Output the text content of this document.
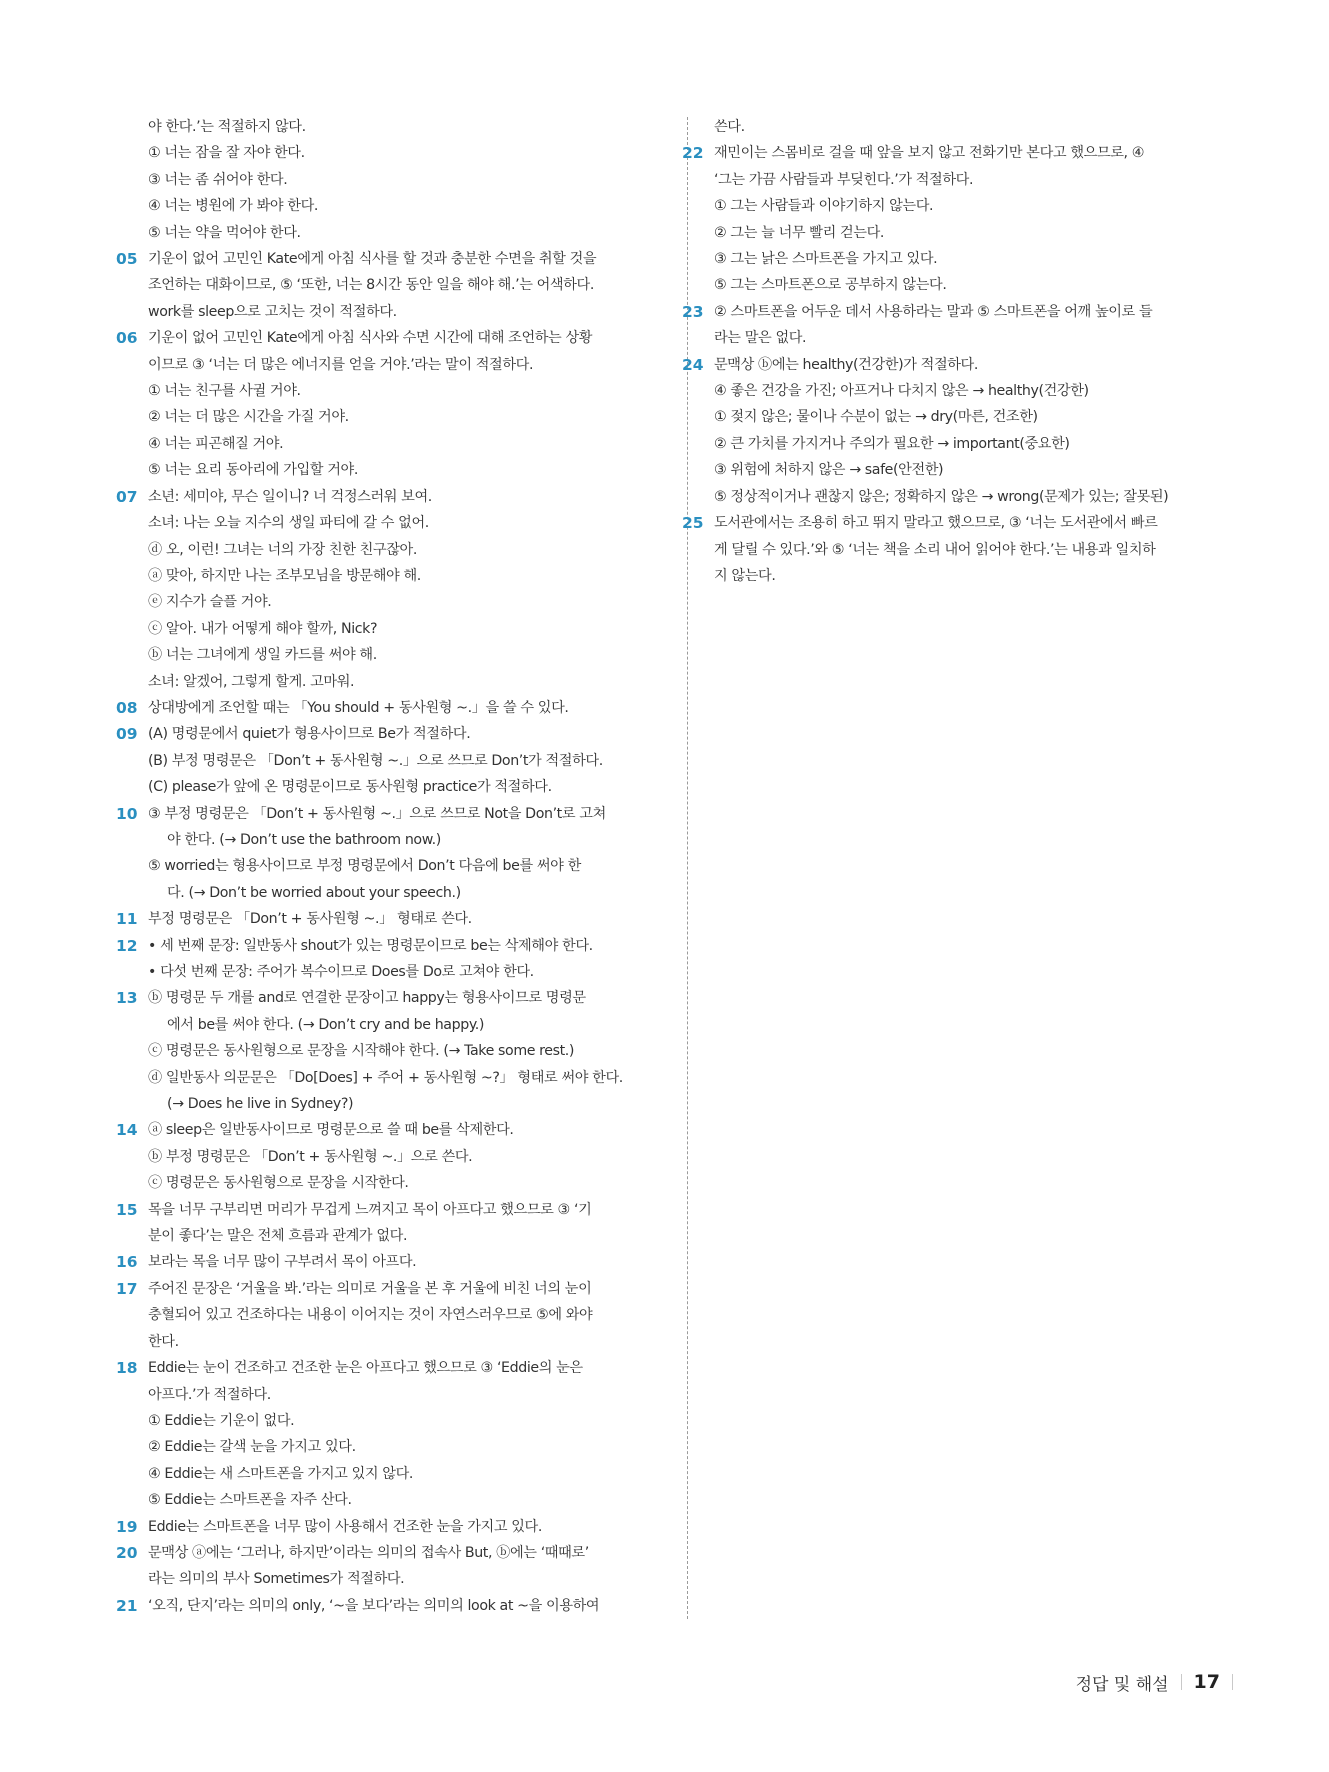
야 한다.’는 적절하지 않다.
① 너는 잠을 잘 자야 한다.
③ 너는 좀 쉬어야 한다.
④ 너는 병원에 가 봐야 한다.
⑤ 너는 약을 먹어야 한다.
05 기운이 없어 고민인 Kate에게 아침 식사를 할 것과 충분한 수면을 취할 것을
조언하는 대화이므로, ⑤ ‘또한, 너는 8시간 동안 일을 해야 해.’는 어색하다.
work를 sleep으로 고치는 것이 적절하다.
06 기운이 없어 고민인 Kate에게 아침 식사와 수면 시간에 대해 조언하는 상황
이므로 ③ ‘너는 더 많은 에너지를 얻을 거야.’라는 말이 적절하다.
① 너는 친구를 사귈 거야.
② 너는 더 많은 시간을 가질 거야.
④ 너는 피곤해질 거야.
⑤ 너는 요리 동아리에 가입할 거야.
07 소년: 세미야, 무슨 일이니? 너 걱정스러워 보여.
소녀: 나는 오늘 지수의 생일 파티에 갈 수 없어.
ⓓ 오, 이런! 그녀는 너의 가장 친한 친구잖아.
ⓐ 맞아, 하지만 나는 조부모님을 방문해야 해.
ⓔ 지수가 슬플 거야.
ⓒ 알아. 내가 어떻게 해야 할까, Nick?
ⓑ 너는 그녀에게 생일 카드를 써야 해.
소녀: 알겠어, 그렇게 할게. 고마워.
08 상대방에게 조언할 때는 「You should + 동사원형 ~.」을 쓸 수 있다.
09 (A) 명령문에서 quiet가 형용사이므로 Be가 적절하다.
(B) 부정 명령문은 「Don’t + 동사원형 ~.」으로 쓰므로 Don’t가 적절하다.
(C) please가 앞에 온 명령문이므로 동사원형 practice가 적절하다.
10 ③ 부정 명령문은 「Don’t + 동사원형 ~.」으로 쓰므로 Not을 Don’t로 고쳐
야 한다. (→ Don’t use the bathroom now.)
⑤ worried는 형용사이므로 부정 명령문에서 Don’t 다음에 be를 써야 한
다. (→ Don’t be worried about your speech.)
11 부정 명령문은 「Don’t + 동사원형 ~.」 형태로 쓴다.
12 • 세 번째 문장: 일반동사 shout가 있는 명령문이므로 be는 삭제해야 한다.
• 다섯 번째 문장: 주어가 복수이므로 Does를 Do로 고쳐야 한다.
13 ⓑ 명령문 두 개를 and로 연결한 문장이고 happy는 형용사이므로 명령문
에서 be를 써야 한다. (→ Don’t cry and be happy.)
ⓒ 명령문은 동사원형으로 문장을 시작해야 한다. (→ Take some rest.)
ⓓ 일반동사 의문문은 「Do[Does] + 주어 + 동사원형 ~?」 형태로 써야 한다.
(→ Does he live in Sydney?)
14 ⓐ sleep은 일반동사이므로 명령문으로 쓸 때 be를 삭제한다.
ⓑ 부정 명령문은 「Don’t + 동사원형 ~.」으로 쓴다.
ⓒ 명령문은 동사원형으로 문장을 시작한다.
15 목을 너무 구부리면 머리가 무겁게 느껴지고 목이 아프다고 했으므로 ③ ‘기
분이 좋다’는 말은 전체 흐름과 관계가 없다.
16 보라는 목을 너무 많이 구부려서 목이 아프다.
17 주어진 문장은 ‘거울을 봐.’라는 의미로 거울을 본 후 거울에 비친 너의 눈이
충혈되어 있고 건조하다는 내용이 이어지는 것이 자연스러우므로 ⑤에 와야
한다.
18 Eddie는 눈이 건조하고 건조한 눈은 아프다고 했으므로 ③ ‘Eddie의 눈은
아프다.’가 적절하다.
① Eddie는 기운이 없다.
② Eddie는 갈색 눈을 가지고 있다.
④ Eddie는 새 스마트폰을 가지고 있지 않다.
⑤ Eddie는 스마트폰을 자주 산다.
19 Eddie는 스마트폰을 너무 많이 사용해서 건조한 눈을 가지고 있다.
20 문맥상 ⓐ에는 ‘그러나, 하지만’이라는 의미의 접속사 But, ⓑ에는 ‘때때로’
라는 의미의 부사 Sometimes가 적절하다.
21 ‘오직, 단지’라는 의미의 only, ‘~을 보다’라는 의미의 look at ~을 이용하여
쓴다.
22 재민이는 스몸비로 걸을 때 앞을 보지 않고 전화기만 본다고 했으므로, ④
‘그는 가끔 사람들과 부딪힌다.’가 적절하다.
① 그는 사람들과 이야기하지 않는다.
② 그는 늘 너무 빨리 걷는다.
③ 그는 낡은 스마트폰을 가지고 있다.
⑤ 그는 스마트폰으로 공부하지 않는다.
23 ② 스마트폰을 어두운 데서 사용하라는 말과 ⑤ 스마트폰을 어깨 높이로 들
라는 말은 없다.
24 문맥상 ⓑ에는 healthy(건강한)가 적절하다.
④ 좋은 건강을 가진; 아프거나 다치지 않은 → healthy(건강한)
① 젖지 않은; 물이나 수분이 없는 → dry(마른, 건조한)
② 큰 가치를 가지거나 주의가 필요한 → important(중요한)
③ 위험에 처하지 않은 → safe(안전한)
⑤ 정상적이거나 괜찮지 않은; 정확하지 않은 → wrong(문제가 있는; 잘못된)
25 도서관에서는 조용히 하고 뛰지 말라고 했으므로, ③ ‘너는 도서관에서 빠르
게 달릴 수 있다.’와 ⑤ ‘너는 책을 소리 내어 읽어야 한다.’는 내용과 일치하
지 않는다.
정답 및 해설 17
